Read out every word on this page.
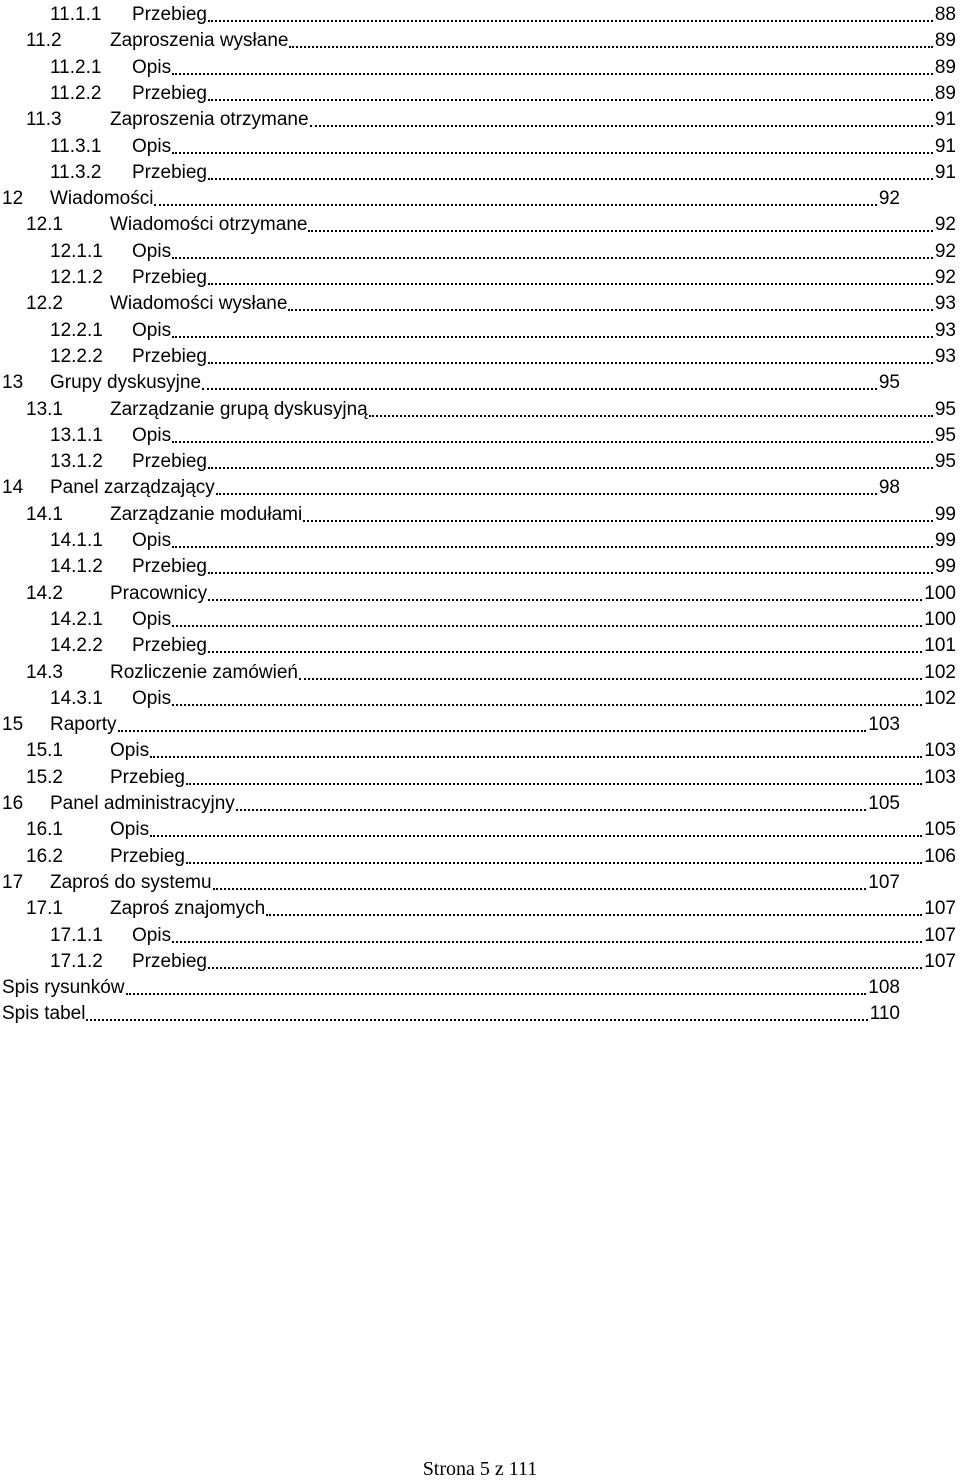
11.1.1	Przebieg	88
11.2	Zaproszenia wysłane	89
11.2.1	Opis	89
11.2.2	Przebieg	89
11.3	Zaproszenia otrzymane	91
11.3.1	Opis	91
11.3.2	Przebieg	91
12	Wiadomości	92
12.1	Wiadomości otrzymane	92
12.1.1	Opis	92
12.1.2	Przebieg	92
12.2	Wiadomości wysłane	93
12.2.1	Opis	93
12.2.2	Przebieg	93
13	Grupy dyskusyjne	95
13.1	Zarządzanie grupą dyskusyjną	95
13.1.1	Opis	95
13.1.2	Przebieg	95
14	Panel zarządzający	98
14.1	Zarządzanie modułami	99
14.1.1	Opis	99
14.1.2	Przebieg	99
14.2	Pracownicy	100
14.2.1	Opis	100
14.2.2	Przebieg	101
14.3	Rozliczenie zamówień	102
14.3.1	Opis	102
15	Raporty	103
15.1	Opis	103
15.2	Przebieg	103
16	Panel administracyjny	105
16.1	Opis	105
16.2	Przebieg	106
17	Zaproś do systemu	107
17.1	Zaproś znajomych	107
17.1.1	Opis	107
17.1.2	Przebieg	107
Spis rysunków	108
Spis tabel	110
Strona 5 z 111
